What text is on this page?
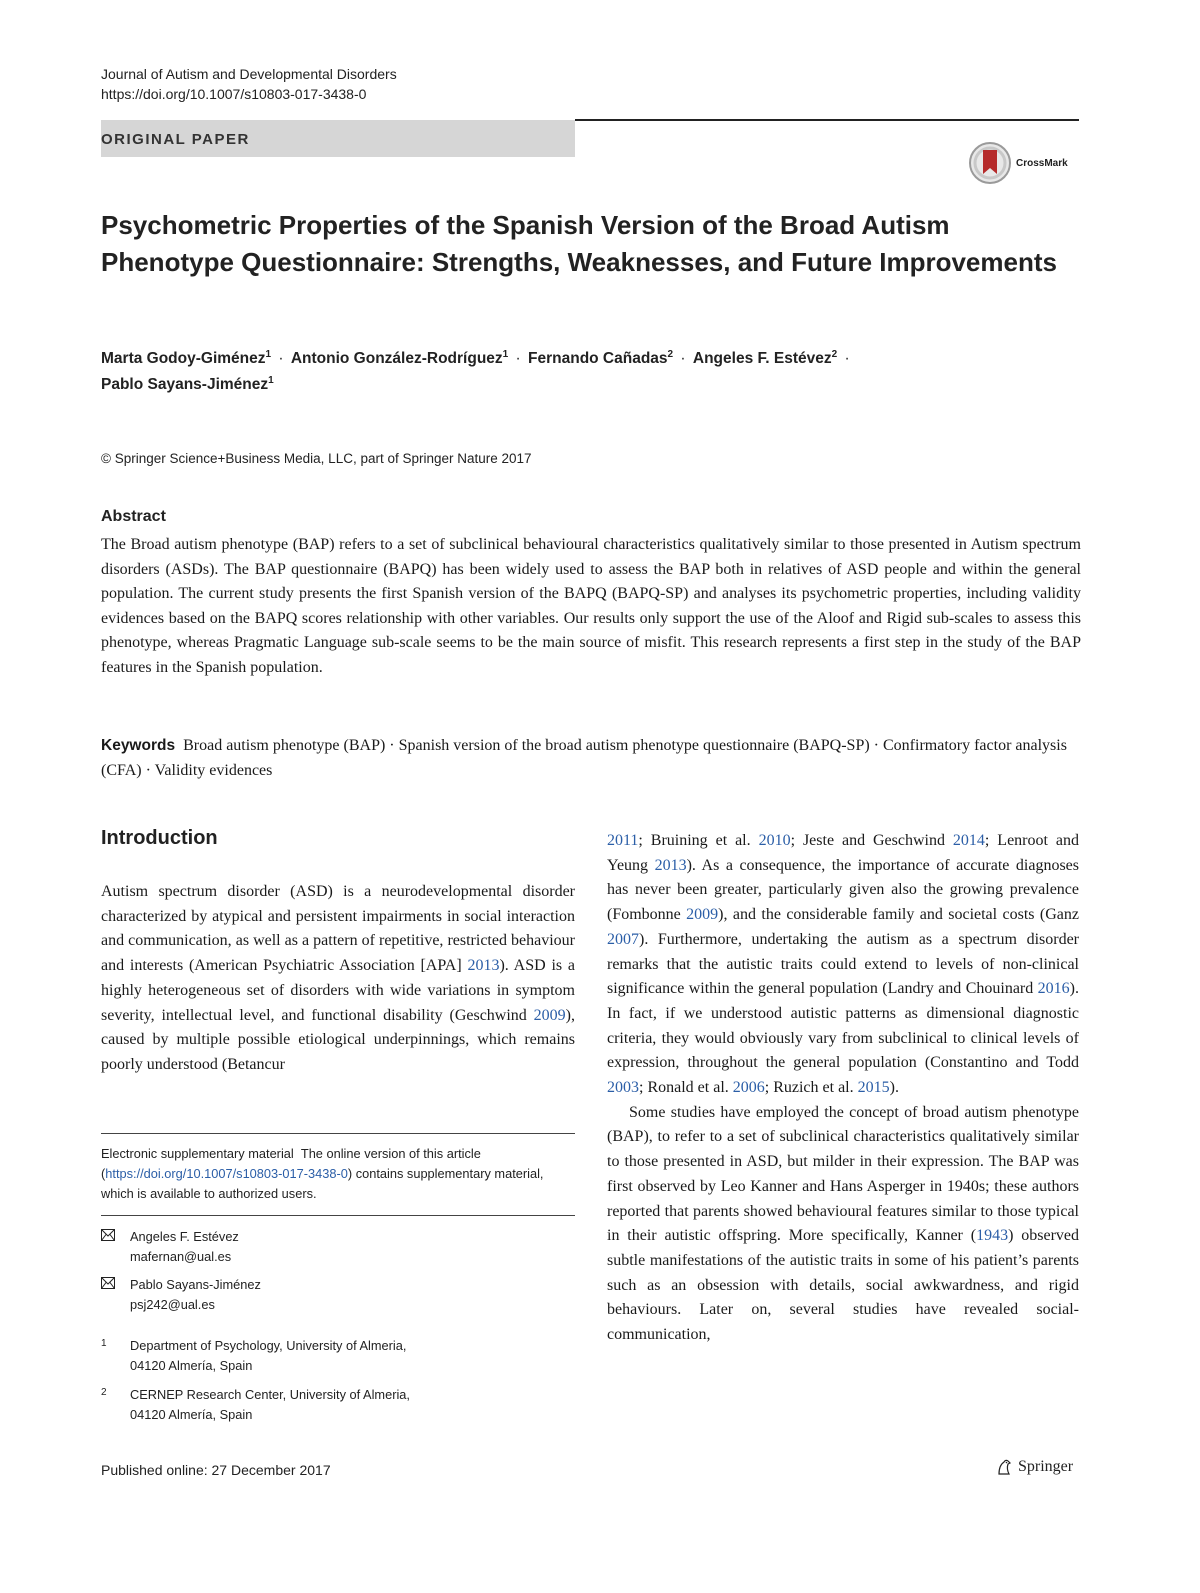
Journal of Autism and Developmental Disorders
https://doi.org/10.1007/s10803-017-3438-0
ORIGINAL PAPER
CrossMark
Psychometric Properties of the Spanish Version of the Broad Autism Phenotype Questionnaire: Strengths, Weaknesses, and Future Improvements
Marta Godoy-Giménez$^1$ · Antonio González-Rodríguez$^1$ · Fernando Cañadas$^2$ · Angeles F. Estévez$^2$ ·
Pablo Sayans-Jiménez$^1$
© Springer Science+Business Media, LLC, part of Springer Nature 2017
Abstract

The Broad autism phenotype (BAP) refers to a set of subclinical behavioural characteristics qualitatively similar to those presented in Autism spectrum disorders (ASDs). The BAP questionnaire (BAPQ) has been widely used to assess the BAP both in relatives of ASD people and within the general population. The current study presents the first Spanish version of the BAPQ (BAPQ-SP) and analyses its psychometric properties, including validity evidences based on the BAPQ scores relationship with other variables. Our results only support the use of the Aloof and Rigid sub-scales to assess this phenotype, whereas Pragmatic Language sub-scale seems to be the main source of misfit. This research represents a first step in the study of the BAP features in the Spanish population.

Keywords Broad autism phenotype (BAP) · Spanish version of the broad autism phenotype questionnaire (BAPQ-SP) · Confirmatory factor analysis (CFA) · Validity evidences
Introduction

Autism spectrum disorder (ASD) is a neurodevelopmental disorder characterized by atypical and persistent impairments in social interaction and communication, as well as a pattern of repetitive, restricted behaviour and interests (American Psychiatric Association [APA] 2013). ASD is a highly heterogeneous set of disorders with wide variations in symptom severity, intellectual level, and functional disability (Geschwind 2009), caused by multiple possible etiological underpinnings, which remains poorly understood (Betancur

2011; Bruining et al. 2010; Jeste and Geschwind 2014; Lenroot and Yeung 2013). As a consequence, the importance of accurate diagnoses has never been greater, particularly given also the growing prevalence (Fombonne 2009), and the considerable family and societal costs (Ganz 2007). Furthermore, undertaking the autism as a spectrum disorder remarks that the autistic traits could extend to levels of non-clinical significance within the general population (Landry and Chouinard 2016). In fact, if we understood autistic patterns as dimensional diagnostic criteria, they would obviously vary from subclinical to clinical levels of expression, throughout the general population (Constantino and Todd 2003; Ronald et al. 2006; Ruzich et al. 2015).

Some studies have employed the concept of broad autism phenotype (BAP), to refer to a set of subclinical characteristics qualitatively similar to those presented in ASD, but milder in their expression. The BAP was first observed by Leo Kanner and Hans Asperger in 1940s; these authors reported that parents showed behavioural features similar to those typical in their autistic offspring. More specifically, Kanner (1943) observed subtle manifestations of the autistic traits in some of his patient’s parents such as an obsession with details, social awkwardness, and rigid behaviours. Later on, several studies have revealed social-communication,

Electronic supplementary material The online version of this article (https://doi.org/10.1007/s10803-017-3438-0) contains supplementary material, which is available to authorized users.
Angeles F. Estévez
mafernan@ual.es
Pablo Sayans-Jiménez
psj242@ual.es
1 Department of Psychology, University of Almeria,
04120 Almería, Spain
2 CERNEP Research Center, University of Almeria,
04120 Almería, Spain
Published online: 27 December 2017	Springer
